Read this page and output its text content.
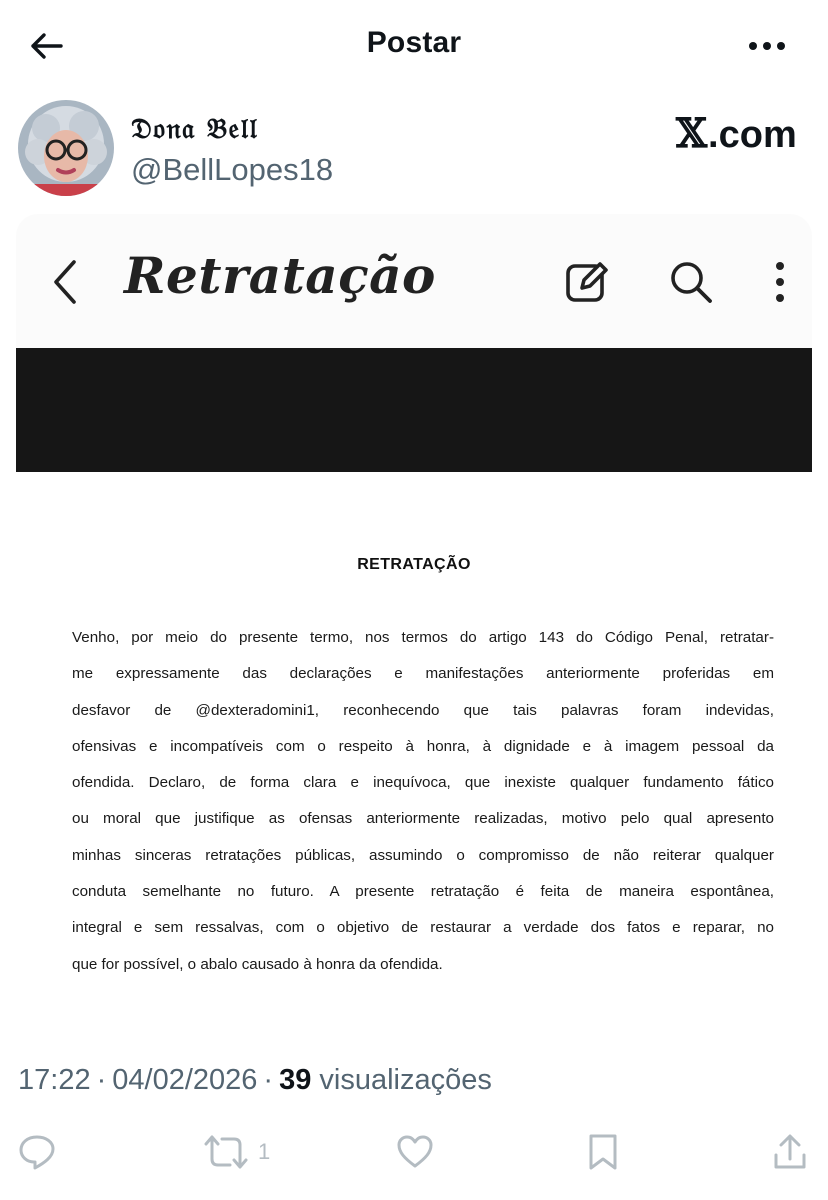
Postar
𝔇𝔬𝔫𝔞 𝔅𝔢𝔩𝔩
@BellLopes18
𝕏 .com
Retratação
RETRATAÇÃO
Venho, por meio do presente termo, nos termos do artigo 143 do Código Penal, retratar-
me expressamente das declarações e manifestações anteriormente proferidas em
desfavor de @dexteradomini1, reconhecendo que tais palavras foram indevidas,
ofensivas e incompatíveis com o respeito à honra, à dignidade e à imagem pessoal da
ofendida. Declaro, de forma clara e inequívoca, que inexiste qualquer fundamento fático
ou moral que justifique as ofensas anteriormente realizadas, motivo pelo qual apresento
minhas sinceras retratações públicas, assumindo o compromisso de não reiterar qualquer
conduta semelhante no futuro. A presente retratação é feita de maneira espontânea,
integral e sem ressalvas, com o objetivo de restaurar a verdade dos fatos e reparar, no
que for possível, o abalo causado à honra da ofendida.
17:22 · 04/02/2026 · 39 visualizações
1
